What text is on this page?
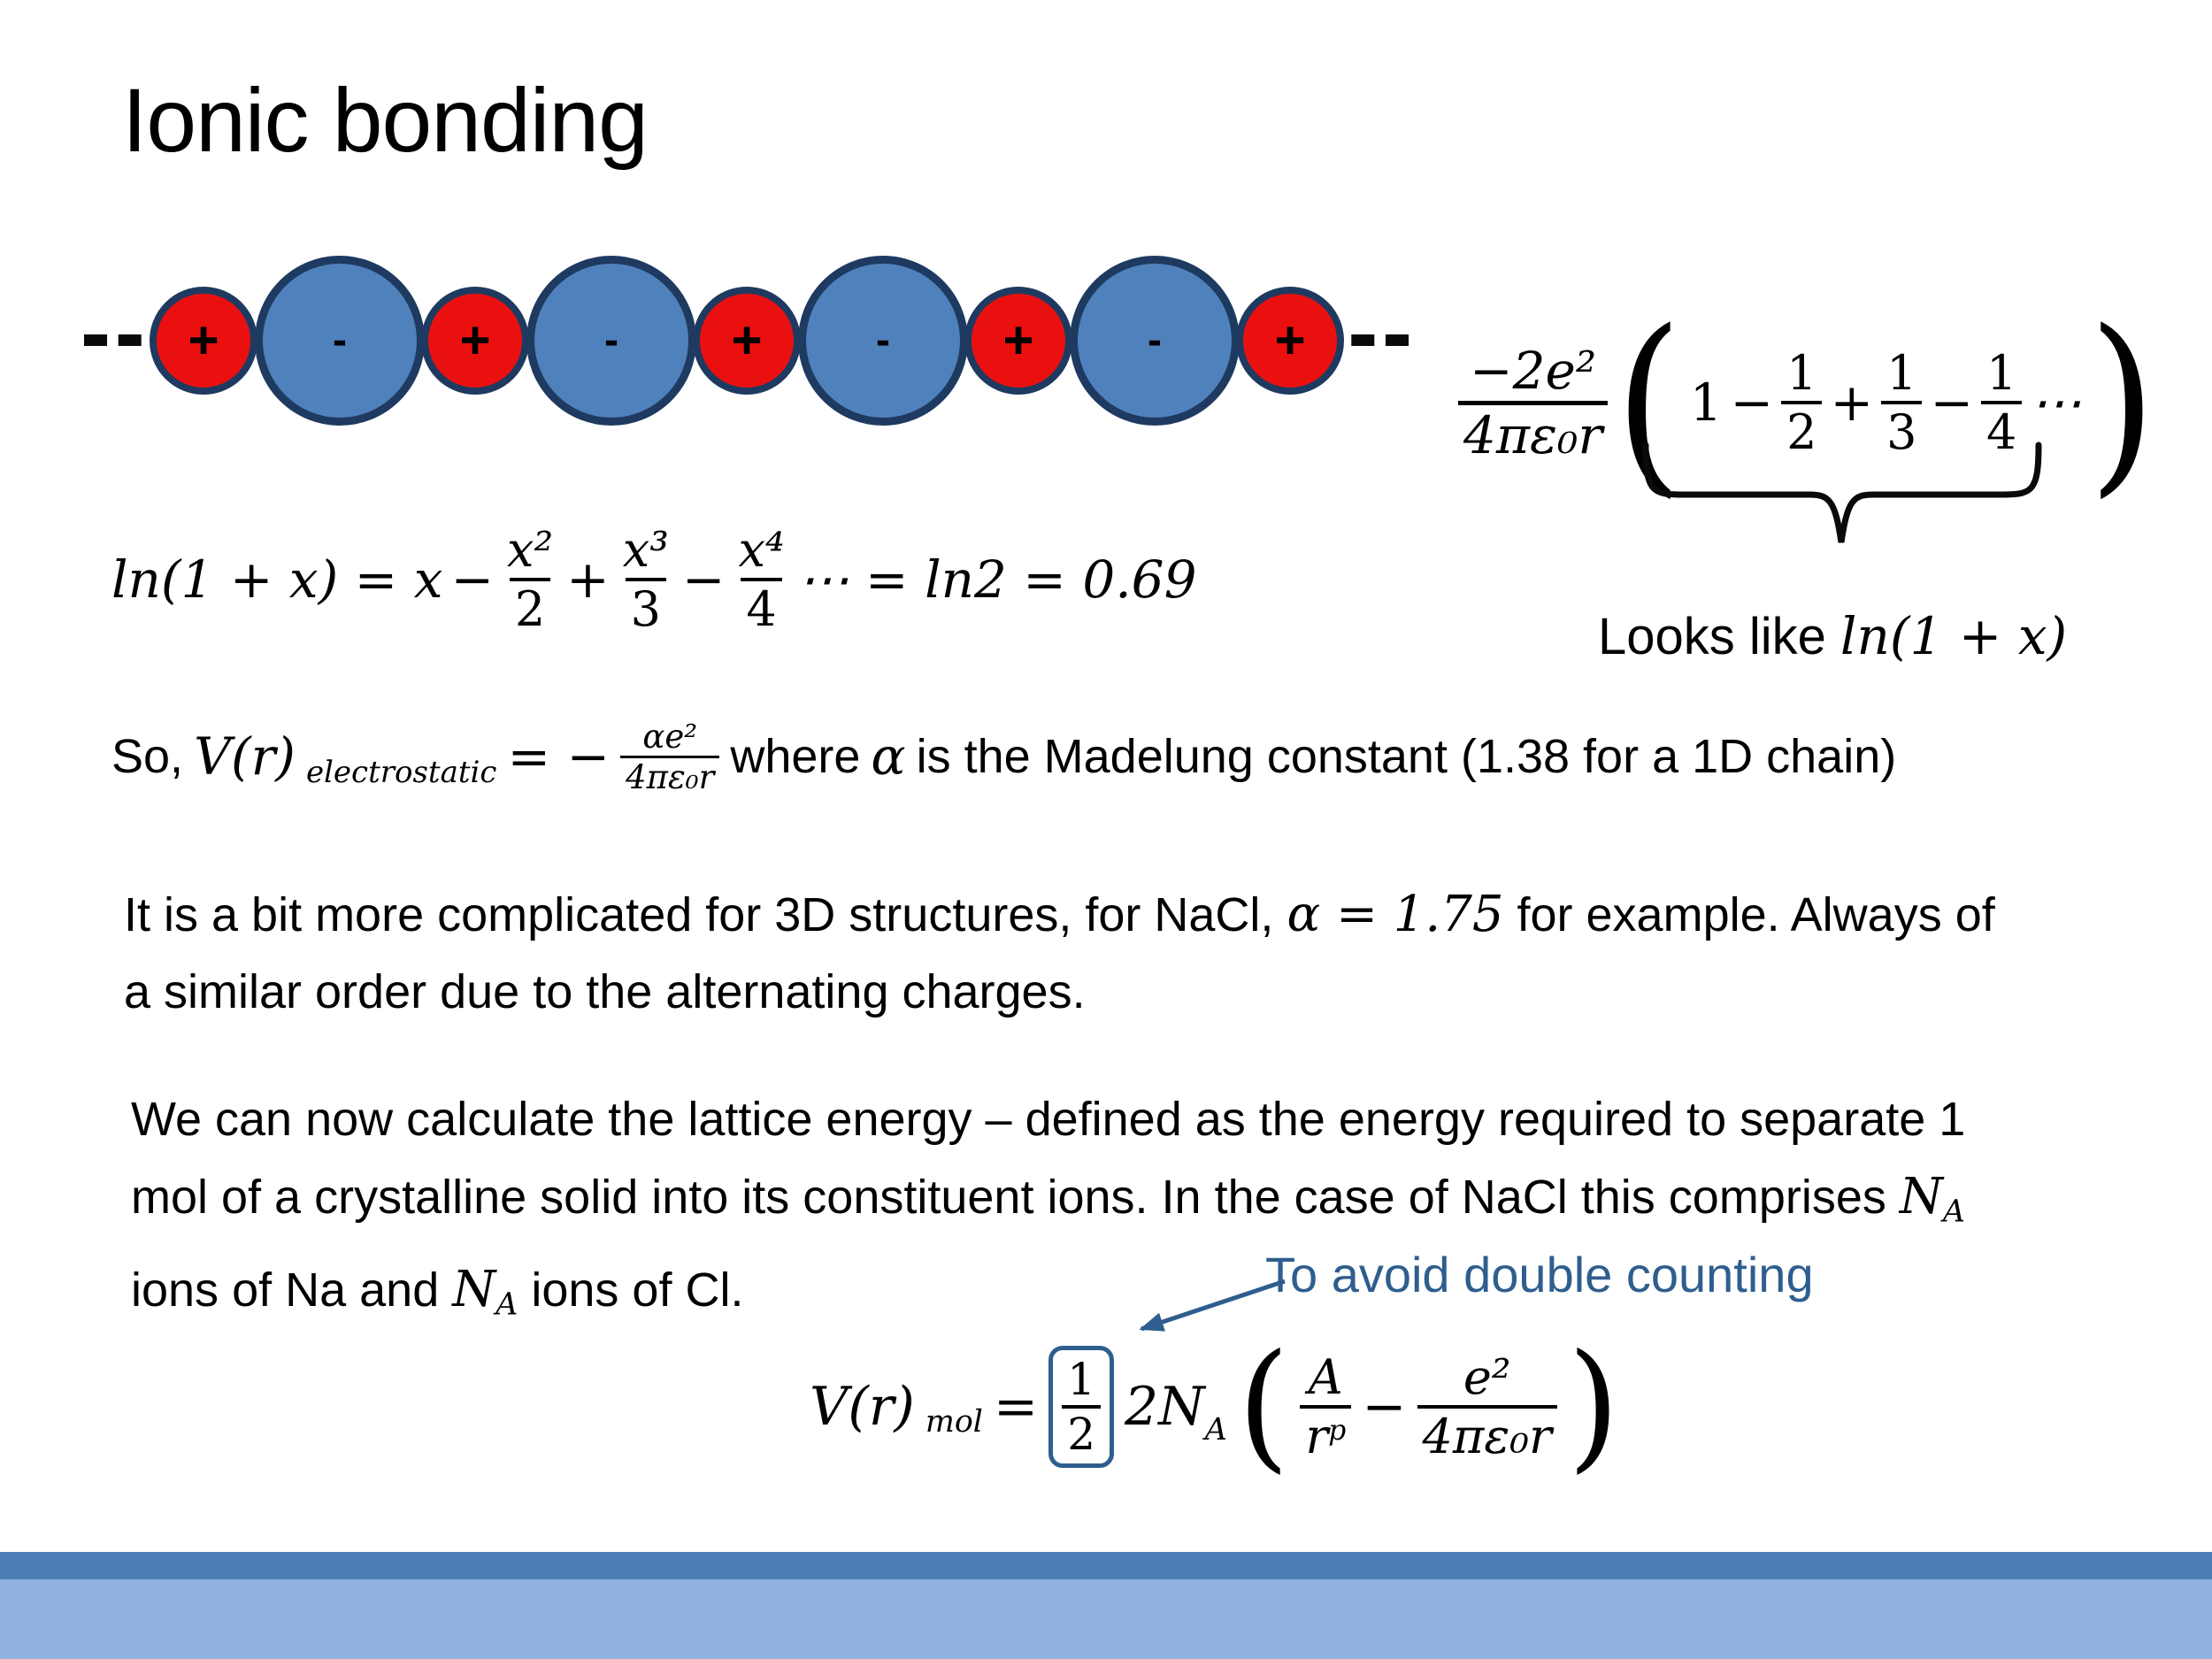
Ionic bonding
+	- +	- +	- +	- +	$\frac{\text{−2e²}}{\text{4πε₀r}}$ ( $1 - \frac{1}{2} + \frac{1}{3} - \frac{1}{4}$ ⋯ )
Looks like ln(1 + x)
$\ln(1 + x) = x - \frac{\text{x²}}{2} + \frac{\text{x³}}{3} - \frac{\text{x⁴}}{4}$ ⋯ = ln2 = 0.69
So, V(r) electrostatic = − $\frac{\text{αe²}}{\text{4πε₀r}}$ where α is the Madelung constant (1.38 for a 1D chain)
It is a bit more complicated for 3D structures, for NaCl, α = 1.75 for example. Always of
a similar order due to the alternating charges.
We can now calculate the lattice energy – defined as the energy required to separate 1
mol of a crystalline solid into its constituent ions. In the case of NaCl this comprises NA
ions of Na and NA ions of Cl.	To avoid double counting
V(r) mol = $\frac{1}{2} 2N_A$ ( $\frac{A}{r^p} - \frac{\text{e²}}{\text{4πε₀r}}$ )
